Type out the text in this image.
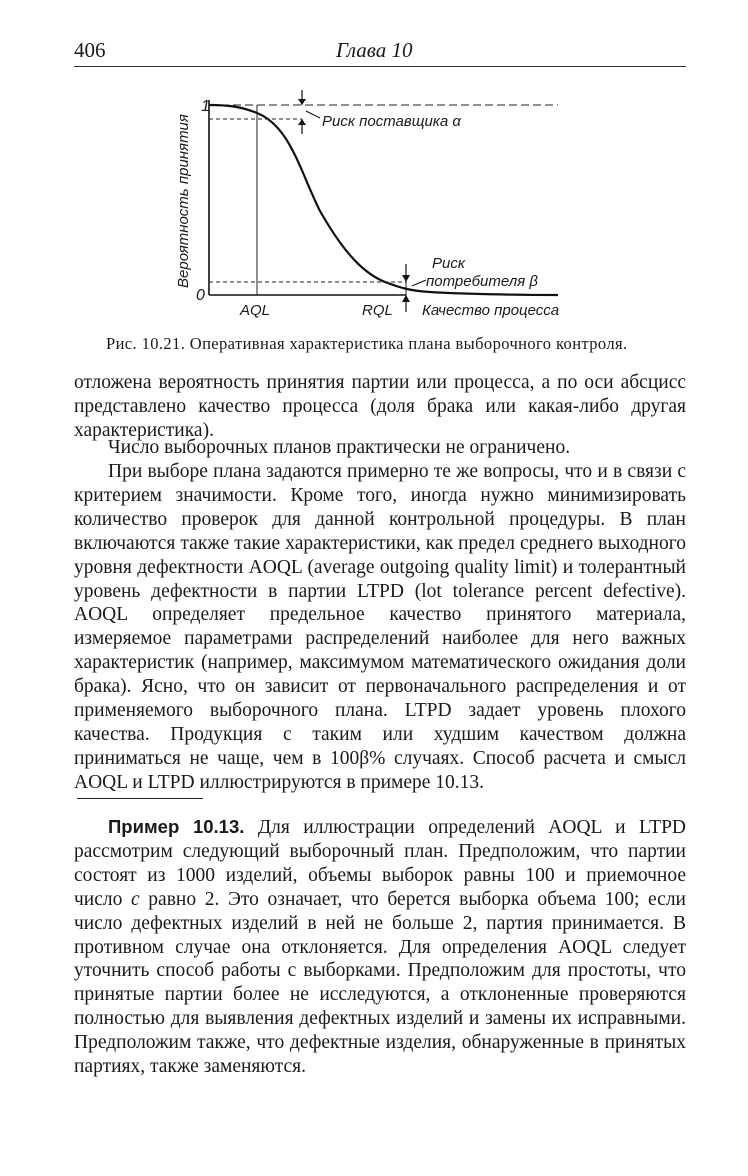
406	Глава 10
Вероятность принятия
1
0
Риск поставщика α
Риск
потребителя β
AQL	RQL Качество процесса
Рис. 10.21. Оперативная характеристика плана выборочного контроля.

отложена вероятность принятия партии или процесса, а по оси абсцисс представлено качество процесса (доля брака или какая-либо другая характеристика).

Число выборочных планов практически не ограничено.

При выборе плана задаются примерно те же вопросы, что и в связи с критерием значимости. Кроме того, иногда нужно минимизировать количество проверок для данной контрольной процедуры. В план включаются также такие характеристики, как предел среднего выходного уровня дефектности AOQL (average outgoing quality limit) и толерантный уровень дефектности в партии LTPD (lot tolerance percent defective). AOQL определяет предельное качество принятого материала, измеряемое параметрами распределений наиболее для него важных характеристик (например, максимумом математического ожидания доли брака). Ясно, что он зависит от первоначального распределения и от применяемого выборочного плана. LTPD задает уровень плохого качества. Продукция с таким или худшим качеством должна приниматься не чаще, чем в 100β% случаях. Способ расчета и смысл AOQL и LTPD иллюстрируются в примере 10.13.

Пример 10.13. Для иллюстрации определений AOQL и LTPD рассмотрим следующий выборочный план. Предположим, что партии состоят из 1000 изделий, объемы выборок равны 100 и приемочное число c равно 2. Это означает, что берется выборка объема 100; если число дефектных изделий в ней не больше 2, партия принимается. В противном случае она отклоняется. Для определения AOQL следует уточнить способ работы с выборками. Предположим для простоты, что принятые партии более не исследуются, а отклоненные проверяются полностью для выявления дефектных изделий и замены их исправными. Предположим также, что дефектные изделия, обнаруженные в принятых партиях, также заменяются.
